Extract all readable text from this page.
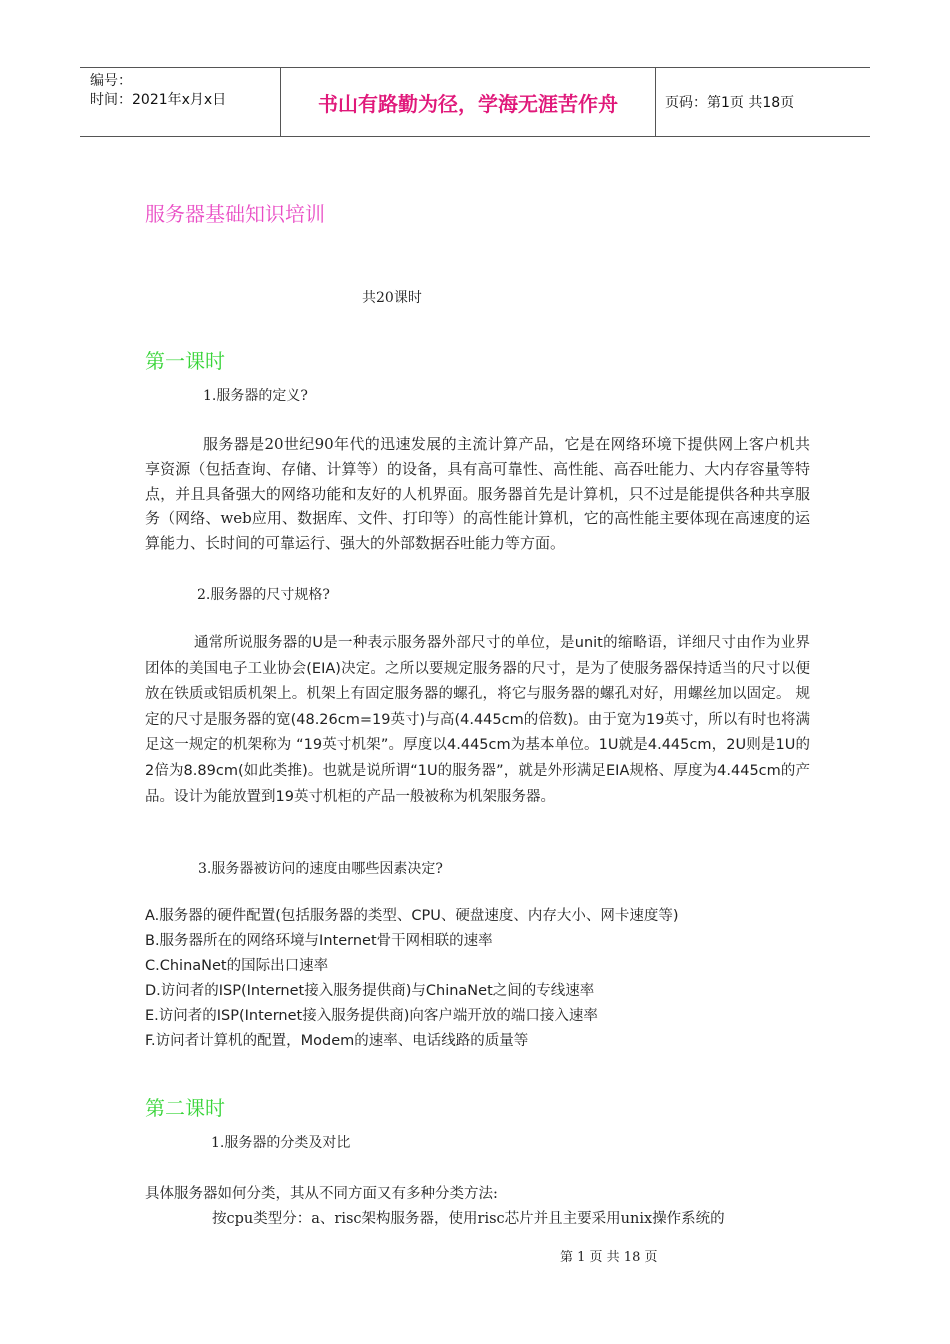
编号：
时间：2021年x月x日	书山有路勤为径，学海无涯苦作舟	页码：第1页 共18页
服务器基础知识培训
共20课时
第一课时
1.服务器的定义?
服务器是20世纪90年代的迅速发展的主流计算产品，它是在网络环境下提供网上客户机共享资源（包括查询、存储、计算等）的设备，具有高可靠性、高性能、高吞吐能力、大内存容量等特点，并且具备强大的网络功能和友好的人机界面。服务器首先是计算机，只不过是能提供各种共享服务（网络、web应用、数据库、文件、打印等）的高性能计算机，它的高性能主要体现在高速度的运算能力、长时间的可靠运行、强大的外部数据吞吐能力等方面。
2.服务器的尺寸规格?
通常所说服务器的U是一种表示服务器外部尺寸的单位，是unit的缩略语，详细尺寸由作为业界团体的美国电子工业协会(EIA)决定。之所以要规定服务器的尺寸，是为了使服务器保持适当的尺寸以便放在铁质或铝质机架上。机架上有固定服务器的螺孔，将它与服务器的螺孔对好，用螺丝加以固定。 规定的尺寸是服务器的宽(48.26cm=19英寸)与高(4.445cm的倍数)。由于宽为19英寸，所以有时也将满足这一规定的机架称为 “19英寸机架”。厚度以4.445cm为基本单位。1U就是4.445cm，2U则是1U的2倍为8.89cm(如此类推)。也就是说所谓“1U的服务器”，就是外形满足EIA规格、厚度为4.445cm的产品。设计为能放置到19英寸机柜的产品一般被称为机架服务器。
3.服务器被访问的速度由哪些因素决定?
A.服务器的硬件配置(包括服务器的类型、CPU、硬盘速度、内存大小、网卡速度等)
B.服务器所在的网络环境与Internet骨干网相联的速率
C.ChinaNet的国际出口速率
D.访问者的ISP(Internet接入服务提供商)与ChinaNet之间的专线速率
E.访问者的ISP(Internet接入服务提供商)向客户端开放的端口接入速率
F.访问者计算机的配置，Modem的速率、电话线路的质量等
第二课时
1.服务器的分类及对比
具体服务器如何分类，其从不同方面又有多种分类方法:
按cpu类型分：a、risc架构服务器，使用risc芯片并且主要采用unix操作系统的
第 1 页 共 18 页
